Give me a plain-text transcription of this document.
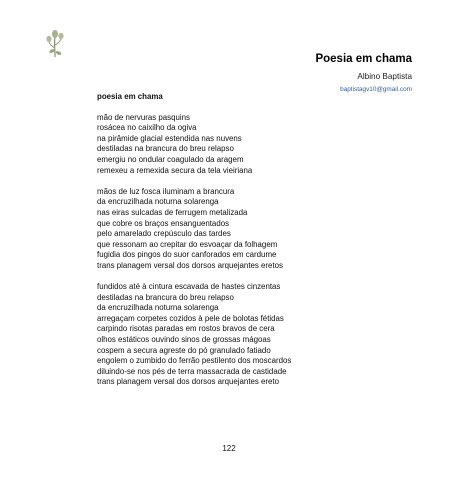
Poesia em chama
Albino Baptista
baptistagv10@gmail.com
poesia em chama
mão de nervuras pasquins
rosácea no caixilho da ogiva
na pirâmide glacial estendida nas nuvens
destiladas na brancura do breu relapso
emergiu no ondular coagulado da aragem
remexeu a remexida secura da tela vieiriana
mãos de luz fosca iluminam a brancura
da encruzilhada noturna solarenga
nas eiras sulcadas de ferrugem metalizada
que cobre os braços ensanguentados
pelo amarelado crepúsculo das tardes
que ressonam ao crepitar do esvoaçar da folhagem
fugidia dos pingos do suor canforados em cardume
trans planagem versal dos dorsos arquejantes eretos
fundidos até à cintura escavada de hastes cinzentas
destiladas na brancura do breu relapso
da encruzilhada noturna solarenga
arregaçam corpetes cozidos à pele de bolotas fétidas
carpindo risotas paradas em rostos bravos de cera
olhos estáticos ouvindo sinos de grossas mágoas
cospem a secura agreste do pó granulado fatiado
engolem o zumbido do ferrão pestilento dos moscardos
diluindo-se nos pés de terra massacrada de castidade
trans planagem versal dos dorsos arquejantes ereto
122
